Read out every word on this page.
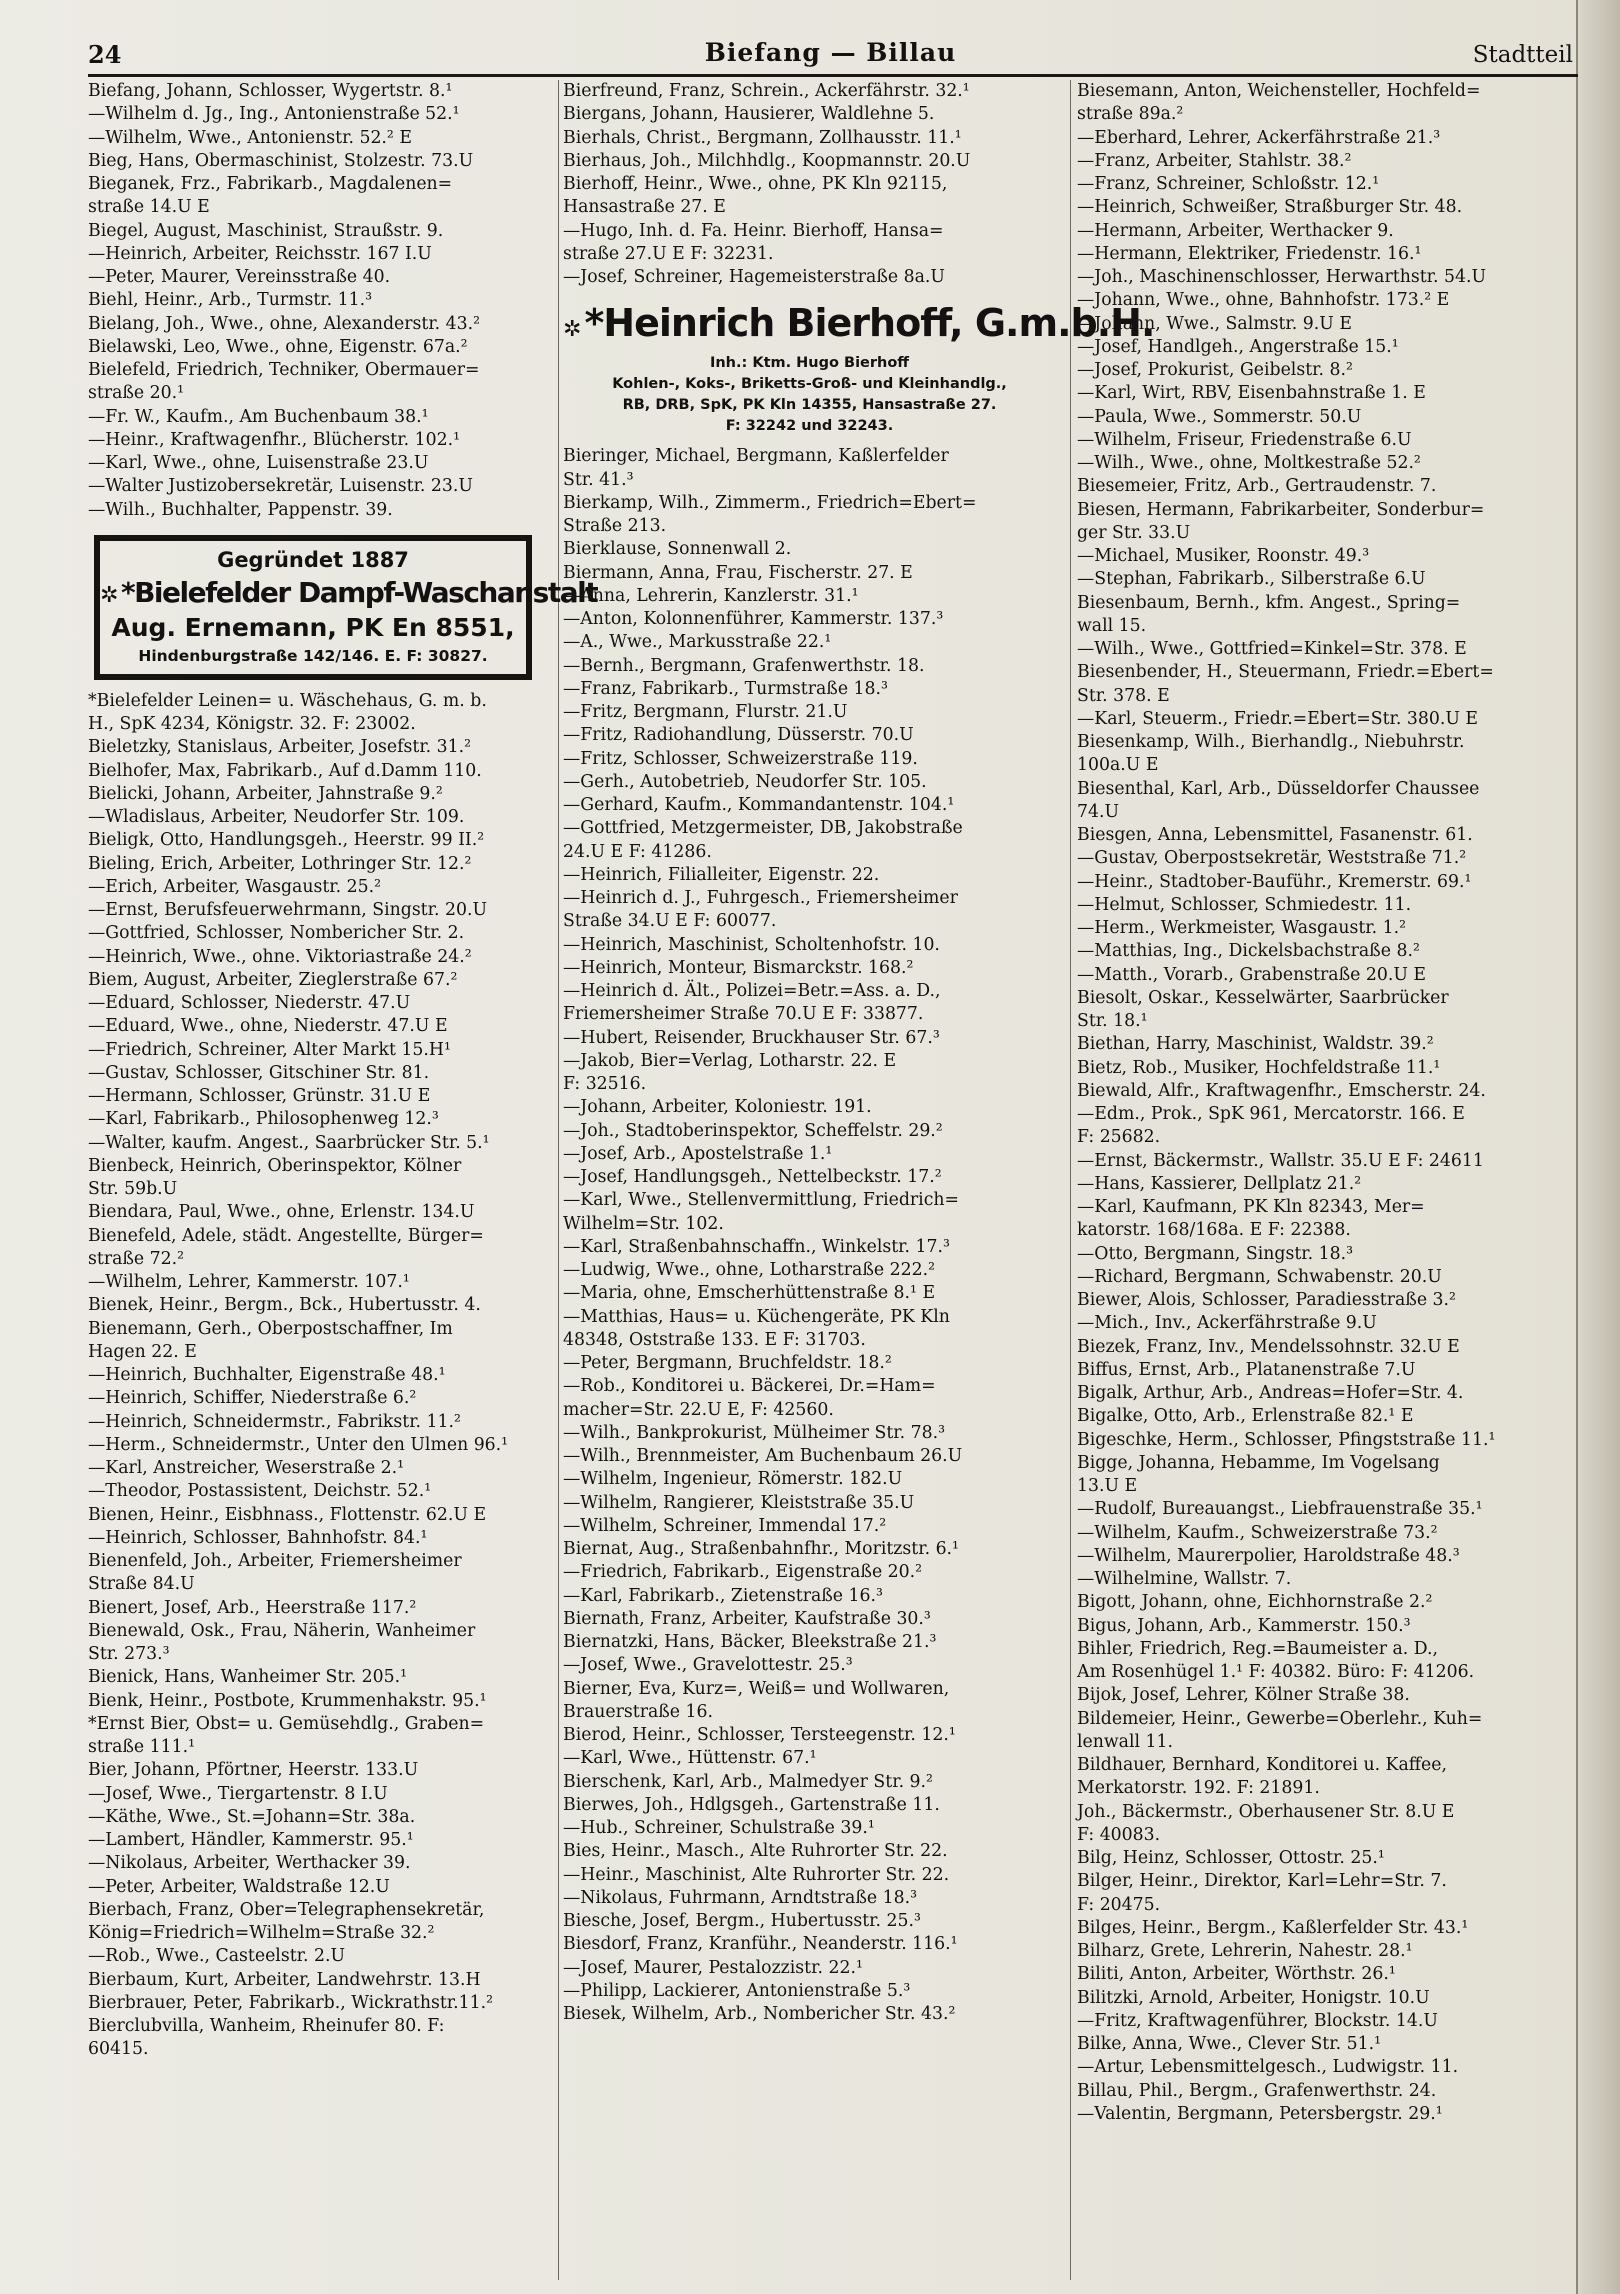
24	Biefang — Billau	Stadtteil
Biefang, Johann, Schlosser, Wygertstr. 8.¹
—Wilhelm d. Jg., Ing., Antonienstraße 52.¹
—Wilhelm, Wwe., Antonienstr. 52.² E
Bieg, Hans, Obermaschinist, Stolzestr. 73.U
Bieganek, Frz., Fabrikarb., Magdalenen=
straße 14.U E
Biegel, August, Maschinist, Straußstr. 9.
—Heinrich, Arbeiter, Reichsstr. 167 I.U
—Peter, Maurer, Vereinsstraße 40.
Biehl, Heinr., Arb., Turmstr. 11.³
Bielang, Joh., Wwe., ohne, Alexanderstr. 43.²
Bielawski, Leo, Wwe., ohne, Eigenstr. 67a.²
Bielefeld, Friedrich, Techniker, Obermauer=
straße 20.¹
—Fr. W., Kaufm., Am Buchenbaum 38.¹
—Heinr., Kraftwagenfhr., Blücherstr. 102.¹
—Karl, Wwe., ohne, Luisenstraße 23.U
—Walter Justizobersekretär, Luisenstr. 23.U
—Wilh., Buchhalter, Pappenstr. 39.
Gegründet 1887
✲ *Bielefelder Dampf-Waschanstalt
Aug. Ernemann, PK En 8551,
Hindenburgstraße 142/146. E. F: 30827.
*Bielefelder Leinen= u. Wäschehaus, G. m. b.
H., SpK 4234, Königstr. 32. F: 23002.
Bieletzky, Stanislaus, Arbeiter, Josefstr. 31.²
Bielhofer, Max, Fabrikarb., Auf d.Damm 110.
Bielicki, Johann, Arbeiter, Jahnstraße 9.²
—Wladislaus, Arbeiter, Neudorfer Str. 109.
Bieligk, Otto, Handlungsgeh., Heerstr. 99 II.²
Bieling, Erich, Arbeiter, Lothringer Str. 12.²
—Erich, Arbeiter, Wasgaustr. 25.²
—Ernst, Berufsfeuerwehrmann, Singstr. 20.U
—Gottfried, Schlosser, Nombericher Str. 2.
—Heinrich, Wwe., ohne. Viktoriastraße 24.²
Biem, August, Arbeiter, Zieglerstraße 67.²
—Eduard, Schlosser, Niederstr. 47.U
—Eduard, Wwe., ohne, Niederstr. 47.U E
—Friedrich, Schreiner, Alter Markt 15.H¹
—Gustav, Schlosser, Gitschiner Str. 81.
—Hermann, Schlosser, Grünstr. 31.U E
—Karl, Fabrikarb., Philosophenweg 12.³
—Walter, kaufm. Angest., Saarbrücker Str. 5.¹
Bienbeck, Heinrich, Oberinspektor, Kölner
Str. 59b.U
Biendara, Paul, Wwe., ohne, Erlenstr. 134.U
Bienefeld, Adele, städt. Angestellte, Bürger=
straße 72.²
—Wilhelm, Lehrer, Kammerstr. 107.¹
Bienek, Heinr., Bergm., Bck., Hubertusstr. 4.
Bienemann, Gerh., Oberpostschaffner, Im
Hagen 22. E
—Heinrich, Buchhalter, Eigenstraße 48.¹
—Heinrich, Schiffer, Niederstraße 6.²
—Heinrich, Schneidermstr., Fabrikstr. 11.²
—Herm., Schneidermstr., Unter den Ulmen 96.¹
—Karl, Anstreicher, Weserstraße 2.¹
—Theodor, Postassistent, Deichstr. 52.¹
Bienen, Heinr., Eisbhnass., Flottenstr. 62.U E
—Heinrich, Schlosser, Bahnhofstr. 84.¹
Bienenfeld, Joh., Arbeiter, Friemersheimer
Straße 84.U
Bienert, Josef, Arb., Heerstraße 117.²
Bienewald, Osk., Frau, Näherin, Wanheimer
Str. 273.³
Bienick, Hans, Wanheimer Str. 205.¹
Bienk, Heinr., Postbote, Krummenhakstr. 95.¹
*Ernst Bier, Obst= u. Gemüsehdlg., Graben=
straße 111.¹
Bier, Johann, Pförtner, Heerstr. 133.U
—Josef, Wwe., Tiergartenstr. 8 I.U
—Käthe, Wwe., St.=Johann=Str. 38a.
—Lambert, Händler, Kammerstr. 95.¹
—Nikolaus, Arbeiter, Werthacker 39.
—Peter, Arbeiter, Waldstraße 12.U
Bierbach, Franz, Ober=Telegraphensekretär,
König=Friedrich=Wilhelm=Straße 32.²
—Rob., Wwe., Casteelstr. 2.U
Bierbaum, Kurt, Arbeiter, Landwehrstr. 13.H
Bierbrauer, Peter, Fabrikarb., Wickrathstr.11.²
Bierclubvilla, Wanheim, Rheinufer 80. F:
60415.
Bierfreund, Franz, Schrein., Ackerfährstr. 32.¹
Biergans, Johann, Hausierer, Waldlehne 5.
Bierhals, Christ., Bergmann, Zollhausstr. 11.¹
Bierhaus, Joh., Milchhdlg., Koopmannstr. 20.U
Bierhoff, Heinr., Wwe., ohne, PK Kln 92115,
Hansastraße 27. E
—Hugo, Inh. d. Fa. Heinr. Bierhoff, Hansa=
straße 27.U E F: 32231.
—Josef, Schreiner, Hagemeisterstraße 8a.U
✲ *Heinrich Bierhoff, G.m.b.H.
Inh.: Ktm. Hugo Bierhoff
Kohlen-, Koks-, Briketts-Groß- und Kleinhandlg.,
RB, DRB, SpK, PK Kln 14355, Hansastraße 27.
F: 32242 und 32243.
Bieringer, Michael, Bergmann, Kaßlerfelder
Str. 41.³
Bierkamp, Wilh., Zimmerm., Friedrich=Ebert=
Straße 213.
Bierklause, Sonnenwall 2.
Biermann, Anna, Frau, Fischerstr. 27. E
—Anna, Lehrerin, Kanzlerstr. 31.¹
—Anton, Kolonnenführer, Kammerstr. 137.³
—A., Wwe., Markusstraße 22.¹
—Bernh., Bergmann, Grafenwerthstr. 18.
—Franz, Fabrikarb., Turmstraße 18.³
—Fritz, Bergmann, Flurstr. 21.U
—Fritz, Radiohandlung, Düsserstr. 70.U
—Fritz, Schlosser, Schweizerstraße 119.
—Gerh., Autobetrieb, Neudorfer Str. 105.
—Gerhard, Kaufm., Kommandantenstr. 104.¹
—Gottfried, Metzgermeister, DB, Jakobstraße
24.U E F: 41286.
—Heinrich, Filialleiter, Eigenstr. 22.
—Heinrich d. J., Fuhrgesch., Friemersheimer
Straße 34.U E F: 60077.
—Heinrich, Maschinist, Scholtenhofstr. 10.
—Heinrich, Monteur, Bismarckstr. 168.²
—Heinrich d. Ält., Polizei=Betr.=Ass. a. D.,
Friemersheimer Straße 70.U E F: 33877.
—Hubert, Reisender, Bruckhauser Str. 67.³
—Jakob, Bier=Verlag, Lotharstr. 22. E
F: 32516.
—Johann, Arbeiter, Koloniestr. 191.
—Joh., Stadtoberinspektor, Scheffelstr. 29.²
—Josef, Arb., Apostelstraße 1.¹
—Josef, Handlungsgeh., Nettelbeckstr. 17.²
—Karl, Wwe., Stellenvermittlung, Friedrich=
Wilhelm=Str. 102.
—Karl, Straßenbahnschaffn., Winkelstr. 17.³
—Ludwig, Wwe., ohne, Lotharstraße 222.²
—Maria, ohne, Emscherhüttenstraße 8.¹ E
—Matthias, Haus= u. Küchengeräte, PK Kln
48348, Oststraße 133. E F: 31703.
—Peter, Bergmann, Bruchfeldstr. 18.²
—Rob., Konditorei u. Bäckerei, Dr.=Ham=
macher=Str. 22.U E, F: 42560.
—Wilh., Bankprokurist, Mülheimer Str. 78.³
—Wilh., Brennmeister, Am Buchenbaum 26.U
—Wilhelm, Ingenieur, Römerstr. 182.U
—Wilhelm, Rangierer, Kleiststraße 35.U
—Wilhelm, Schreiner, Immendal 17.²
Biernat, Aug., Straßenbahnfhr., Moritzstr. 6.¹
—Friedrich, Fabrikarb., Eigenstraße 20.²
—Karl, Fabrikarb., Zietenstraße 16.³
Biernath, Franz, Arbeiter, Kaufstraße 30.³
Biernatzki, Hans, Bäcker, Bleekstraße 21.³
—Josef, Wwe., Gravelottestr. 25.³
Bierner, Eva, Kurz=, Weiß= und Wollwaren,
Brauerstraße 16.
Bierod, Heinr., Schlosser, Tersteegenstr. 12.¹
—Karl, Wwe., Hüttenstr. 67.¹
Bierschenk, Karl, Arb., Malmedyer Str. 9.²
Bierwes, Joh., Hdlgsgeh., Gartenstraße 11.
—Hub., Schreiner, Schulstraße 39.¹
Bies, Heinr., Masch., Alte Ruhrorter Str. 22.
—Heinr., Maschinist, Alte Ruhrorter Str. 22.
—Nikolaus, Fuhrmann, Arndtstraße 18.³
Biesche, Josef, Bergm., Hubertusstr. 25.³
Biesdorf, Franz, Kranführ., Neanderstr. 116.¹
—Josef, Maurer, Pestalozzistr. 22.¹
—Philipp, Lackierer, Antonienstraße 5.³
Biesek, Wilhelm, Arb., Nombericher Str. 43.²
Biesemann, Anton, Weichensteller, Hochfeld=
straße 89a.²
—Eberhard, Lehrer, Ackerfährstraße 21.³
—Franz, Arbeiter, Stahlstr. 38.²
—Franz, Schreiner, Schloßstr. 12.¹
—Heinrich, Schweißer, Straßburger Str. 48.
—Hermann, Arbeiter, Werthacker 9.
—Hermann, Elektriker, Friedenstr. 16.¹
—Joh., Maschinenschlosser, Herwarthstr. 54.U
—Johann, Wwe., ohne, Bahnhofstr. 173.² E
—Johann, Wwe., Salmstr. 9.U E
—Josef, Handlgeh., Angerstraße 15.¹
—Josef, Prokurist, Geibelstr. 8.²
—Karl, Wirt, RBV, Eisenbahnstraße 1. E
—Paula, Wwe., Sommerstr. 50.U
—Wilhelm, Friseur, Friedenstraße 6.U
—Wilh., Wwe., ohne, Moltkestraße 52.²
Biesemeier, Fritz, Arb., Gertraudenstr. 7.
Biesen, Hermann, Fabrikarbeiter, Sonderbur=
ger Str. 33.U
—Michael, Musiker, Roonstr. 49.³
—Stephan, Fabrikarb., Silberstraße 6.U
Biesenbaum, Bernh., kfm. Angest., Spring=
wall 15.
—Wilh., Wwe., Gottfried=Kinkel=Str. 378. E
Biesenbender, H., Steuermann, Friedr.=Ebert=
Str. 378. E
—Karl, Steuerm., Friedr.=Ebert=Str. 380.U E
Biesenkamp, Wilh., Bierhandlg., Niebuhrstr.
100a.U E
Biesenthal, Karl, Arb., Düsseldorfer Chaussee
74.U
Biesgen, Anna, Lebensmittel, Fasanenstr. 61.
—Gustav, Oberpostsekretär, Weststraße 71.²
—Heinr., Stadtober-Bauführ., Kremerstr. 69.¹
—Helmut, Schlosser, Schmiedestr. 11.
—Herm., Werkmeister, Wasgaustr. 1.²
—Matthias, Ing., Dickelsbachstraße 8.²
—Matth., Vorarb., Grabenstraße 20.U E
Biesolt, Oskar., Kesselwärter, Saarbrücker
Str. 18.¹
Biethan, Harry, Maschinist, Waldstr. 39.²
Bietz, Rob., Musiker, Hochfeldstraße 11.¹
Biewald, Alfr., Kraftwagenfhr., Emscherstr. 24.
—Edm., Prok., SpK 961, Mercatorstr. 166. E
F: 25682.
—Ernst, Bäckermstr., Wallstr. 35.U E F: 24611
—Hans, Kassierer, Dellplatz 21.²
—Karl, Kaufmann, PK Kln 82343, Mer=
katorstr. 168/168a. E F: 22388.
—Otto, Bergmann, Singstr. 18.³
—Richard, Bergmann, Schwabenstr. 20.U
Biewer, Alois, Schlosser, Paradiesstraße 3.²
—Mich., Inv., Ackerfährstraße 9.U
Biezek, Franz, Inv., Mendelssohnstr. 32.U E
Biffus, Ernst, Arb., Platanenstraße 7.U
Bigalk, Arthur, Arb., Andreas=Hofer=Str. 4.
Bigalke, Otto, Arb., Erlenstraße 82.¹ E
Bigeschke, Herm., Schlosser, Pfingststraße 11.¹
Bigge, Johanna, Hebamme, Im Vogelsang
13.U E
—Rudolf, Bureauangst., Liebfrauenstraße 35.¹
—Wilhelm, Kaufm., Schweizerstraße 73.²
—Wilhelm, Maurerpolier, Haroldstraße 48.³
—Wilhelmine, Wallstr. 7.
Bigott, Johann, ohne, Eichhornstraße 2.²
Bigus, Johann, Arb., Kammerstr. 150.³
Bihler, Friedrich, Reg.=Baumeister a. D.,
Am Rosenhügel 1.¹ F: 40382. Büro: F: 41206.
Bijok, Josef, Lehrer, Kölner Straße 38.
Bildemeier, Heinr., Gewerbe=Oberlehr., Kuh=
lenwall 11.
Bildhauer, Bernhard, Konditorei u. Kaffee,
Merkatorstr. 192. F: 21891.
Joh., Bäckermstr., Oberhausener Str. 8.U E
F: 40083.
Bilg, Heinz, Schlosser, Ottostr. 25.¹
Bilger, Heinr., Direktor, Karl=Lehr=Str. 7.
F: 20475.
Bilges, Heinr., Bergm., Kaßlerfelder Str. 43.¹
Bilharz, Grete, Lehrerin, Nahestr. 28.¹
Biliti, Anton, Arbeiter, Wörthstr. 26.¹
Bilitzki, Arnold, Arbeiter, Honigstr. 10.U
—Fritz, Kraftwagenführer, Blockstr. 14.U
Bilke, Anna, Wwe., Clever Str. 51.¹
—Artur, Lebensmittelgesch., Ludwigstr. 11.
Billau, Phil., Bergm., Grafenwerthstr. 24.
—Valentin, Bergmann, Petersbergstr. 29.¹
